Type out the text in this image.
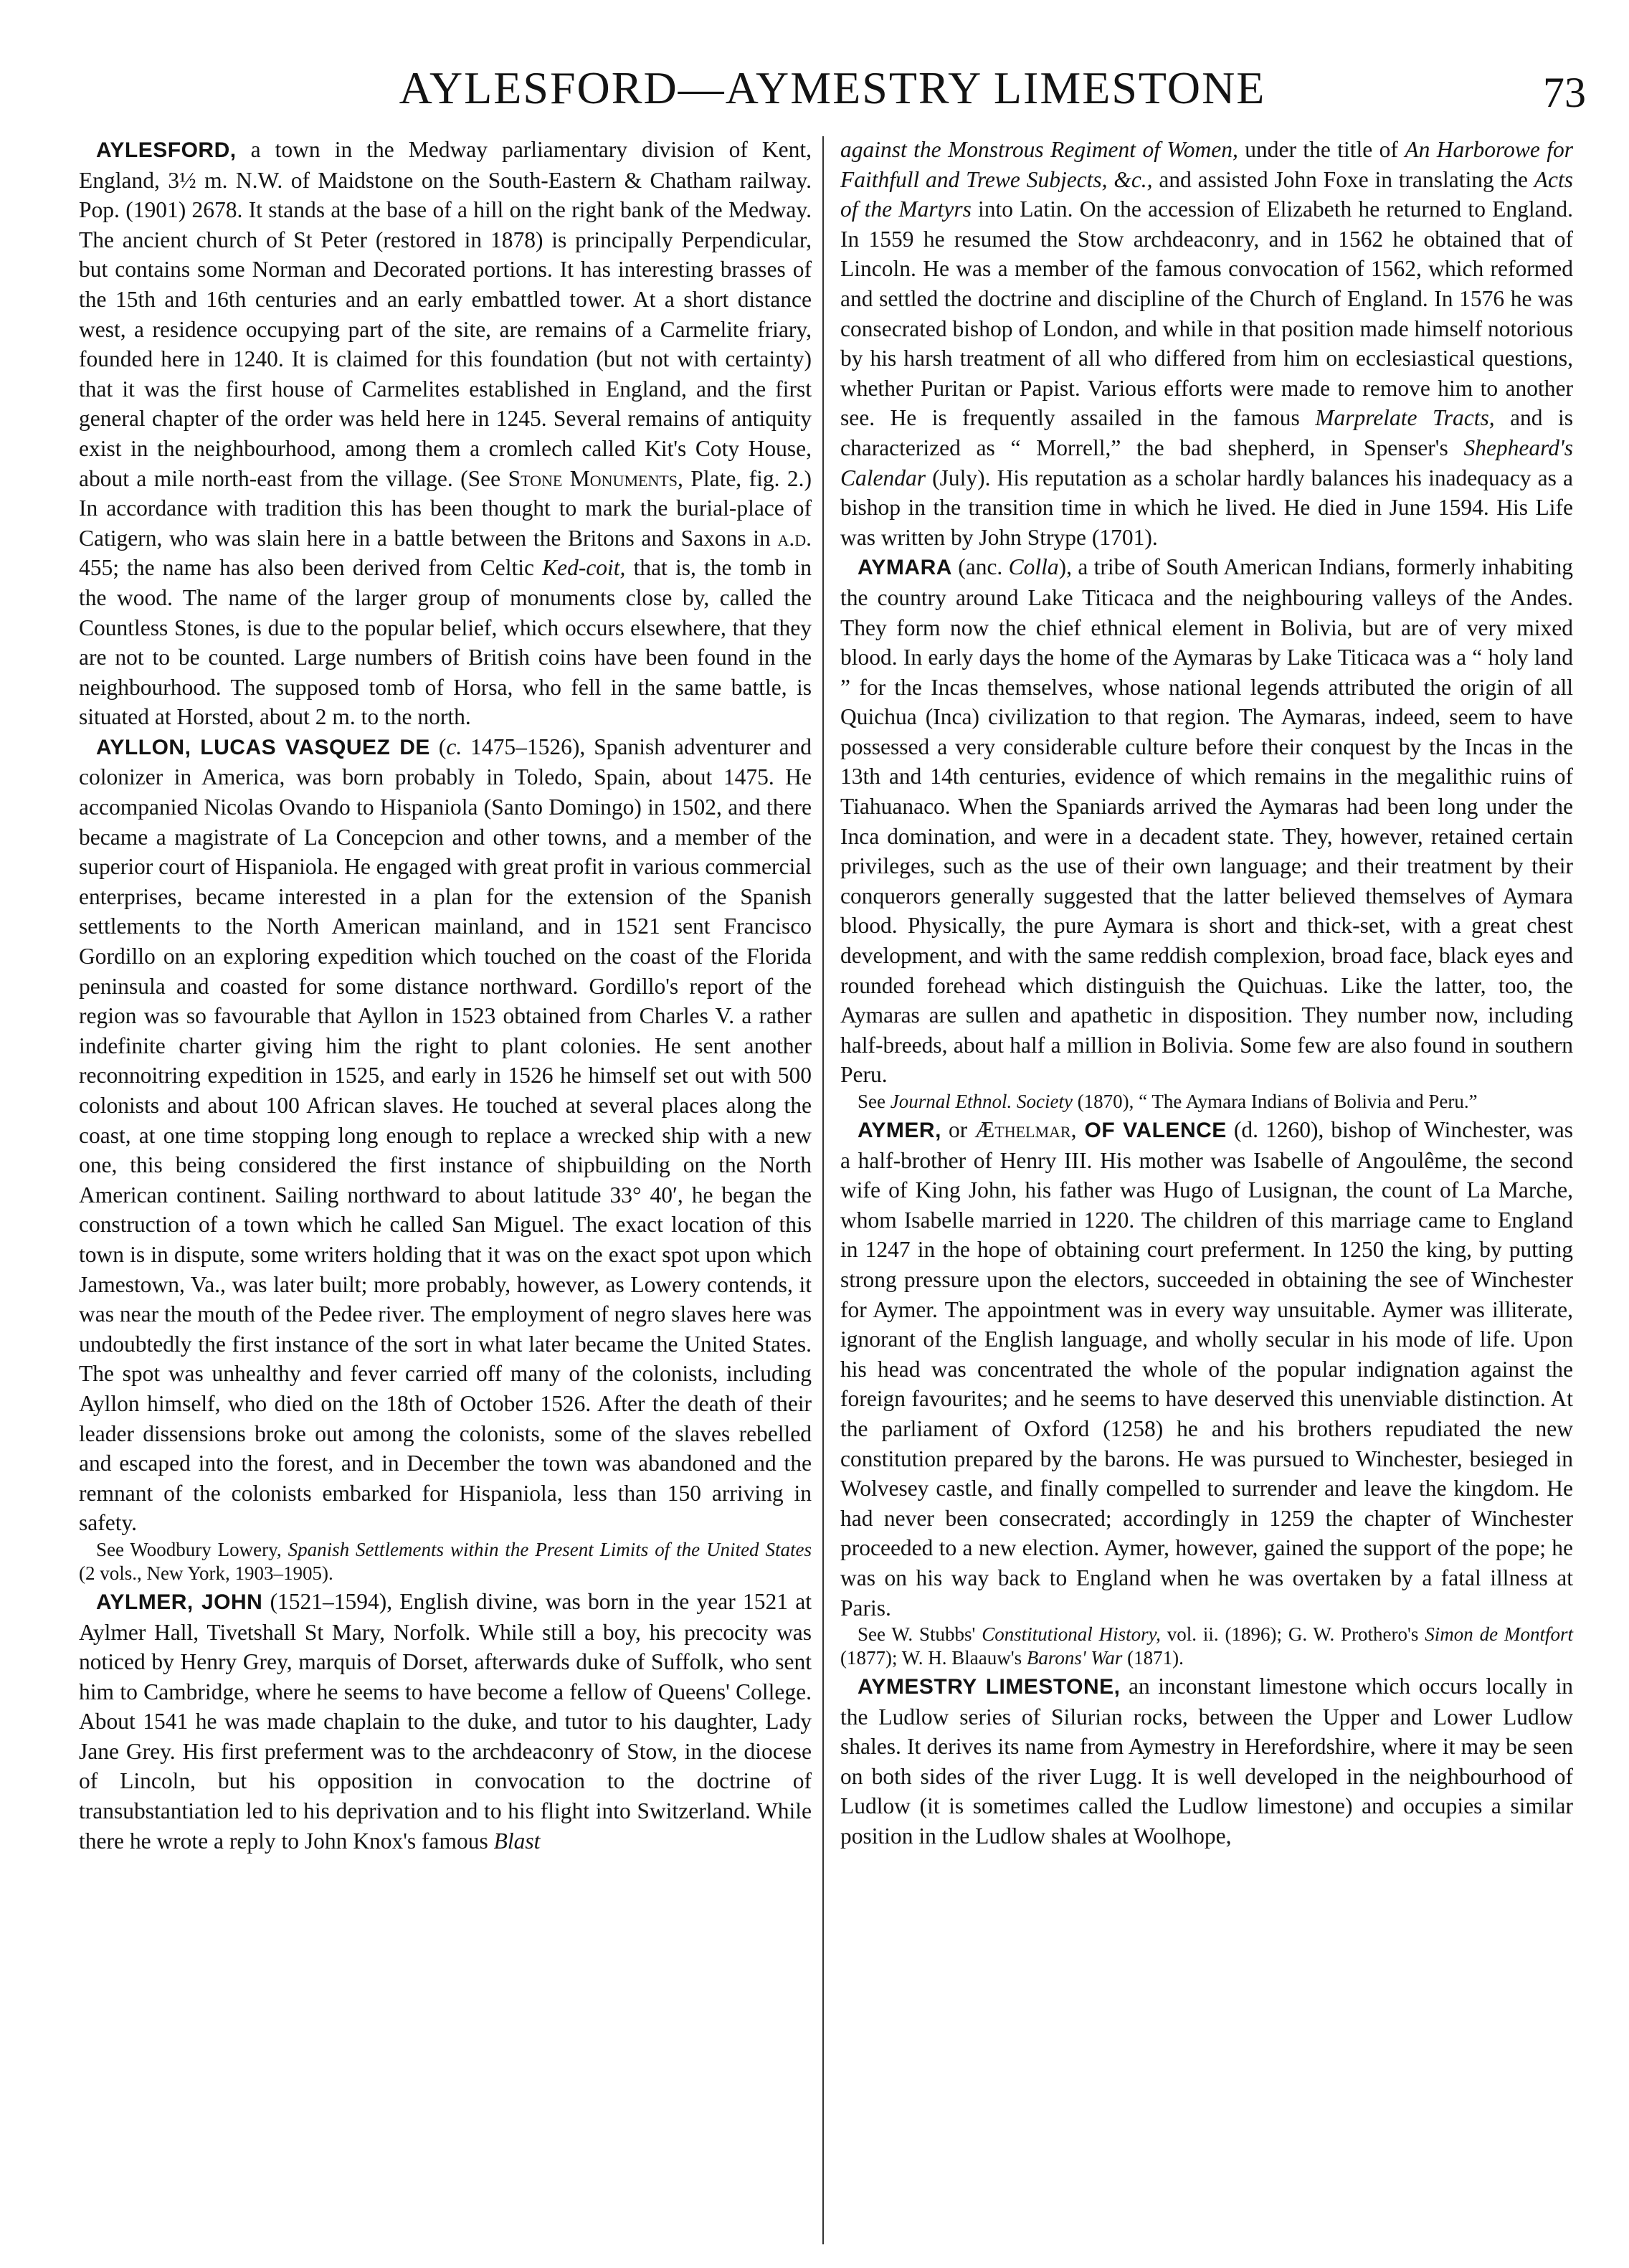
AYLESFORD—AYMESTRY LIMESTONE	73

AYLESFORD, a town in the Medway parliamentary division of Kent, England, 3½ m. N.W. of Maidstone on the South-Eastern & Chatham railway. Pop. (1901) 2678. It stands at the base of a hill on the right bank of the Medway. The ancient church of St Peter (restored in 1878) is principally Perpendicular, but contains some Norman and Decorated portions. It has interesting brasses of the 15th and 16th centuries and an early embattled tower. At a short distance west, a residence occupying part of the site, are remains of a Carmelite friary, founded here in 1240. It is claimed for this foundation (but not with certainty) that it was the first house of Carmelites established in England, and the first general chapter of the order was held here in 1245. Several remains of antiquity exist in the neighbourhood, among them a cromlech called Kit's Coty House, about a mile north-east from the village. (See Stone Monuments, Plate, fig. 2.) In accordance with tradition this has been thought to mark the burial-place of Catigern, who was slain here in a battle between the Britons and Saxons in a.d. 455; the name has also been derived from Celtic Ked-coit, that is, the tomb in the wood. The name of the larger group of monuments close by, called the Countless Stones, is due to the popular belief, which occurs elsewhere, that they are not to be counted. Large numbers of British coins have been found in the neighbourhood. The supposed tomb of Horsa, who fell in the same battle, is situated at Horsted, about 2 m. to the north.

AYLLON, LUCAS VASQUEZ DE (c. 1475–1526), Spanish adventurer and colonizer in America, was born probably in Toledo, Spain, about 1475. He accompanied Nicolas Ovando to Hispaniola (Santo Domingo) in 1502, and there became a magistrate of La Concepcion and other towns, and a member of the superior court of Hispaniola. He engaged with great profit in various commercial enterprises, became interested in a plan for the extension of the Spanish settlements to the North American mainland, and in 1521 sent Francisco Gordillo on an exploring expedition which touched on the coast of the Florida peninsula and coasted for some distance northward. Gordillo's report of the region was so favourable that Ayllon in 1523 obtained from Charles V. a rather indefinite charter giving him the right to plant colonies. He sent another reconnoitring expedition in 1525, and early in 1526 he himself set out with 500 colonists and about 100 African slaves. He touched at several places along the coast, at one time stopping long enough to replace a wrecked ship with a new one, this being considered the first instance of shipbuilding on the North American continent. Sailing northward to about latitude 33° 40′, he began the construction of a town which he called San Miguel. The exact location of this town is in dispute, some writers holding that it was on the exact spot upon which Jamestown, Va., was later built; more probably, however, as Lowery contends, it was near the mouth of the Pedee river. The employment of negro slaves here was undoubtedly the first instance of the sort in what later became the United States. The spot was unhealthy and fever carried off many of the colonists, including Ayllon himself, who died on the 18th of October 1526. After the death of their leader dissensions broke out among the colonists, some of the slaves rebelled and escaped into the forest, and in December the town was abandoned and the remnant of the colonists embarked for Hispaniola, less than 150 arriving in safety.

See Woodbury Lowery, Spanish Settlements within the Present Limits of the United States (2 vols., New York, 1903–1905).

AYLMER, JOHN (1521–1594), English divine, was born in the year 1521 at Aylmer Hall, Tivetshall St Mary, Norfolk. While still a boy, his precocity was noticed by Henry Grey, marquis of Dorset, afterwards duke of Suffolk, who sent him to Cambridge, where he seems to have become a fellow of Queens' College. About 1541 he was made chaplain to the duke, and tutor to his daughter, Lady Jane Grey. His first preferment was to the archdeaconry of Stow, in the diocese of Lincoln, but his opposition in convocation to the doctrine of transubstantiation led to his deprivation and to his flight into Switzerland. While there he wrote a reply to John Knox's famous Blast

against the Monstrous Regiment of Women, under the title of An Harborowe for Faithfull and Trewe Subjects, &c., and assisted John Foxe in translating the Acts of the Martyrs into Latin. On the accession of Elizabeth he returned to England. In 1559 he resumed the Stow archdeaconry, and in 1562 he obtained that of Lincoln. He was a member of the famous convocation of 1562, which reformed and settled the doctrine and discipline of the Church of England. In 1576 he was consecrated bishop of London, and while in that position made himself notorious by his harsh treatment of all who differed from him on ecclesiastical questions, whether Puritan or Papist. Various efforts were made to remove him to another see. He is frequently assailed in the famous Marprelate Tracts, and is characterized as “ Morrell,” the bad shepherd, in Spenser's Shepheard's Calendar (July). His reputation as a scholar hardly balances his inadequacy as a bishop in the transition time in which he lived. He died in June 1594. His Life was written by John Strype (1701).

AYMARA (anc. Colla), a tribe of South American Indians, formerly inhabiting the country around Lake Titicaca and the neighbouring valleys of the Andes. They form now the chief ethnical element in Bolivia, but are of very mixed blood. In early days the home of the Aymaras by Lake Titicaca was a “ holy land ” for the Incas themselves, whose national legends attributed the origin of all Quichua (Inca) civilization to that region. The Aymaras, indeed, seem to have possessed a very considerable culture before their conquest by the Incas in the 13th and 14th centuries, evidence of which remains in the megalithic ruins of Tiahuanaco. When the Spaniards arrived the Aymaras had been long under the Inca domination, and were in a decadent state. They, however, retained certain privileges, such as the use of their own language; and their treatment by their conquerors generally suggested that the latter believed themselves of Aymara blood. Physically, the pure Aymara is short and thick-set, with a great chest development, and with the same reddish complexion, broad face, black eyes and rounded forehead which distinguish the Quichuas. Like the latter, too, the Aymaras are sullen and apathetic in disposition. They number now, including half-breeds, about half a million in Bolivia. Some few are also found in southern Peru.

See Journal Ethnol. Society (1870), “ The Aymara Indians of Bolivia and Peru.”

AYMER, or Æthelmar, OF VALENCE (d. 1260), bishop of Winchester, was a half-brother of Henry III. His mother was Isabelle of Angoulême, the second wife of King John, his father was Hugo of Lusignan, the count of La Marche, whom Isabelle married in 1220. The children of this marriage came to England in 1247 in the hope of obtaining court preferment. In 1250 the king, by putting strong pressure upon the electors, succeeded in obtaining the see of Winchester for Aymer. The appointment was in every way unsuitable. Aymer was illiterate, ignorant of the English language, and wholly secular in his mode of life. Upon his head was concentrated the whole of the popular indignation against the foreign favourites; and he seems to have deserved this unenviable distinction. At the parliament of Oxford (1258) he and his brothers repudiated the new constitution prepared by the barons. He was pursued to Winchester, besieged in Wolvesey castle, and finally compelled to surrender and leave the kingdom. He had never been consecrated; accordingly in 1259 the chapter of Winchester proceeded to a new election. Aymer, however, gained the support of the pope; he was on his way back to England when he was overtaken by a fatal illness at Paris.

See W. Stubbs' Constitutional History, vol. ii. (1896); G. W. Prothero's Simon de Montfort (1877); W. H. Blaauw's Barons' War (1871).

AYMESTRY LIMESTONE, an inconstant limestone which occurs locally in the Ludlow series of Silurian rocks, between the Upper and Lower Ludlow shales. It derives its name from Aymestry in Herefordshire, where it may be seen on both sides of the river Lugg. It is well developed in the neighbourhood of Ludlow (it is sometimes called the Ludlow limestone) and occupies a similar position in the Ludlow shales at Woolhope,
